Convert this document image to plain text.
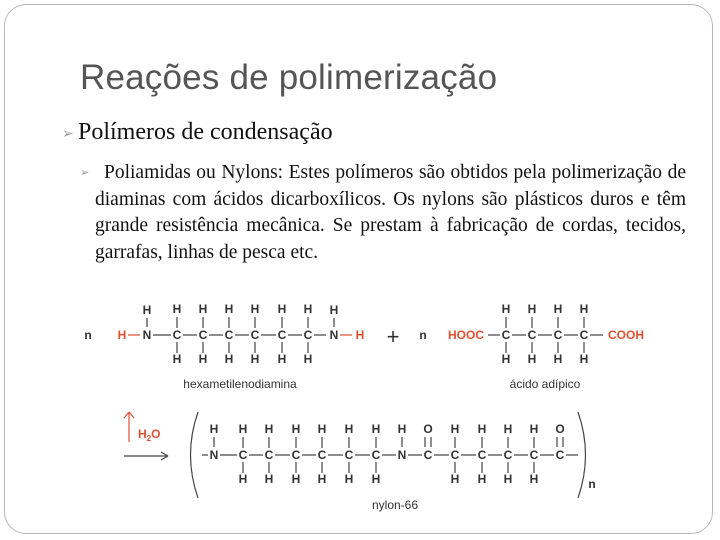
Reações de polimerização
➢ Polímeros de condensação
➢ Poliamidas ou Nylons: Estes polímeros são obtidos pela polimerização de diaminas com ácidos dicarboxílicos. Os nylons são plásticos duros e têm grande resistência mecânica. Se prestam à fabricação de cordas, tecidos, garrafas, linhas de pesca etc.
n H N
H
C
H
H
C
H
H
C
H
H
C
H
H
C
H
H
C
H
H
N
H
H
hexametilenodiamina
+ n HOOC C
H
H
C
H
H
C
H
H
C
H
H
COOH
ácido adípico
$H_2O$
N
H
C
H
H
C
H
H
C
H
H
C
H
H
C
H
H
C
H
H
N
H
C
O
C
H
H
C
H
H
C
H
H
C
H
H
C
O
n
nylon-66
